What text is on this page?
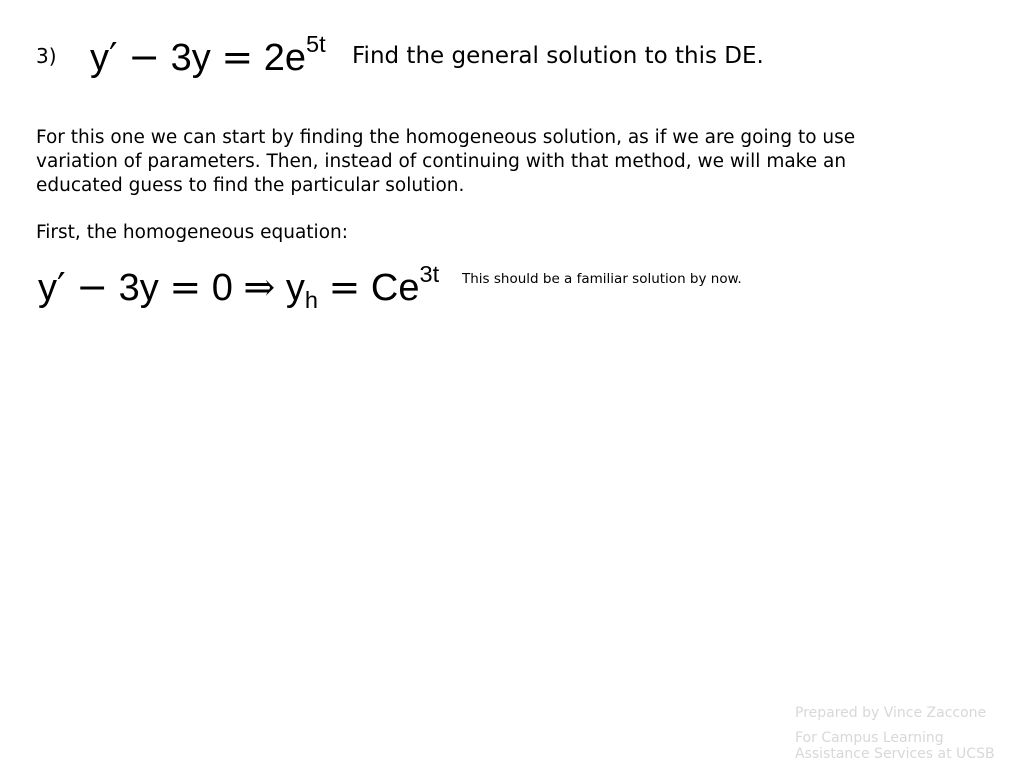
3) $y' - 3y = 2e^{5t}$ Find the general solution to this DE.
For this one we can start by finding the homogeneous solution, as if we are going to use variation of parameters. Then, instead of continuing with that method, we will make an educated guess to find the particular solution.
First, the homogeneous equation:
y′ − 3y = 0 ⇒ yh = $Ce^{3t}$ This should be a familiar solution by now.
Prepared by Vince Zaccone
For Campus Learning Assistance Services at UCSB
